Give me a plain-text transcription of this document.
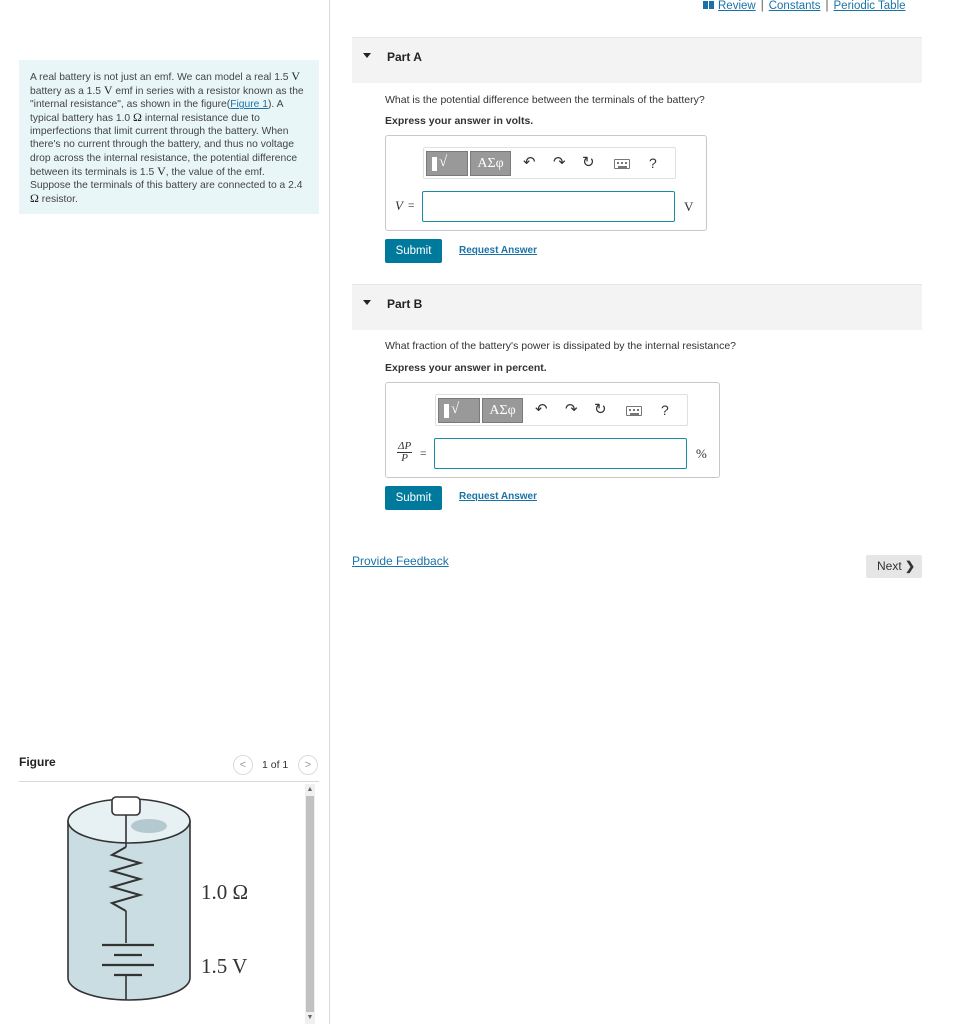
A real battery is not just an emf. We can model a real 1.5 V battery as a 1.5 V emf in series with a resistor known as the "internal resistance", as shown in the figure(Figure 1). A typical battery has 1.0 Ω internal resistance due to imperfections that limit current through the battery. When there's no current through the battery, and thus no voltage drop across the internal resistance, the potential difference between its terminals is 1.5 V, the value of the emf. Suppose the terminals of this battery are connected to a 2.4 Ω resistor.
Figure	<	1 of 1	>
1.0 Ω
1.5 V
▲
▼
Review | Constants | Periodic Table
Part A
What is the potential difference between the terminals of the battery?
Express your answer in volts.
√	ΑΣφ	↶ ↷ ↻	?
V =	V
Submit	Request Answer
Part B
What fraction of the battery's power is dissipated by the internal resistance?
Express your answer in percent.
√	ΑΣφ	↶ ↷ ↻	?
$\frac{\Delta P}{P}$ =	%
Submit	Request Answer
Provide Feedback	Next ❯
